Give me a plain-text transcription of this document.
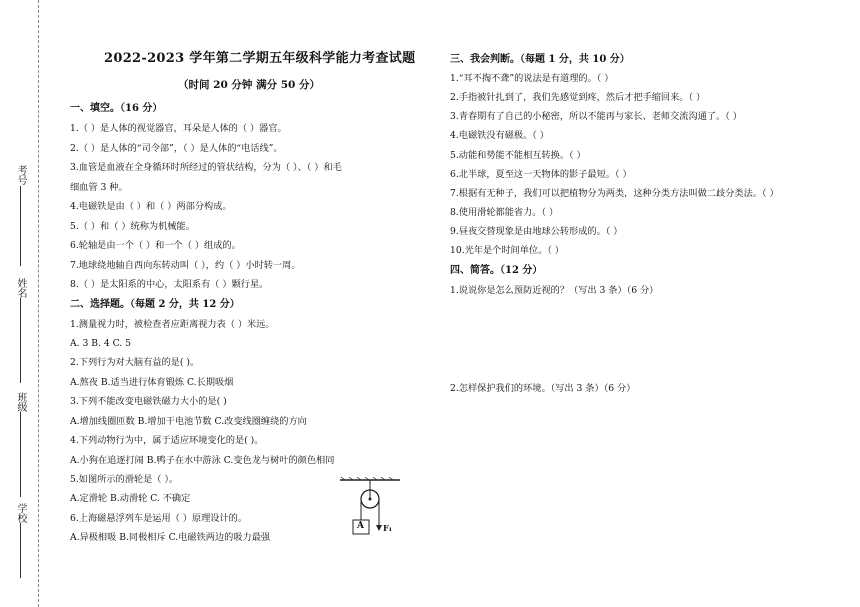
考号
姓名
班级
学校
2022-2023 学年第二学期五年级科学能力考查试题
（时间 20 分钟 满分 50 分）
一、填空。（16 分）
1.（ ）是人体的视觉器官，耳朵是人体的（ ）器官。
2.（ ）是人体的“司令部”，（ ）是人体的“电话线”。
3.血管是血液在全身循环时所经过的管状结构，分为（ ）、（ ）和毛
细血管 3 种。
4.电磁铁是由（ ）和（ ）两部分构成。
5.（ ）和（ ）统称为机械能。
6.轮轴是由一个（ ）和一个（ ）组成的。
7.地球绕地轴自西向东转动叫（ ），约（ ）小时转一周。
8.（ ）是太阳系的中心，太阳系有（ ）颗行星。
二、选择题。（每题 2 分，共 12 分）
1.测量视力时，被检查者应距离视力表（ ）米远。
A. 3 B. 4 C. 5
2.下列行为对大脑有益的是( )。
A.熬夜 B.适当进行体育锻炼 C.长期吸烟
3.下列不能改变电磁铁磁力大小的是( )
A.增加线圈匝数 B.增加干电池节数 C.改变线圈缠绕的方向
4.下列动物行为中，属于适应环境变化的是( )。
A.小狗在追逐打闹 B.鸭子在水中游泳 C.变色龙与树叶的颜色相同
5.如图所示的滑轮是（ ）。
A.定滑轮 B.动滑轮 C. 不确定
6.上海磁悬浮列车是运用（ ）原理设计的。
A.异极相吸 B.同极相斥 C.电磁铁两边的吸力最强
A F₁
三、我会判断。（每题 1 分，共 10 分）
1.“耳不掏不聋”的说法是有道理的。（ ）
2.手指被针扎到了，我们先感觉到疼，然后才把手缩回来。（ ）
3.青春期有了自己的小秘密，所以不能再与家长、老师交流沟通了。（ ）
4.电磁铁没有磁极。（ ）
5.动能和势能不能相互转换。（ ）
6.北半球，夏至这一天物体的影子最短。（ ）
7.根据有无种子，我们可以把植物分为两类，这种分类方法叫做二歧分类法。（ ）
8.使用滑轮都能省力。（ ）
9.昼夜交替现象是由地球公转形成的。（ ）
10.光年是个时间单位。（ ）
四、简答。（12 分）
1.说说你是怎么预防近视的？（写出 3 条）（6 分）
2.怎样保护我们的环境。（写出 3 条）（6 分）
